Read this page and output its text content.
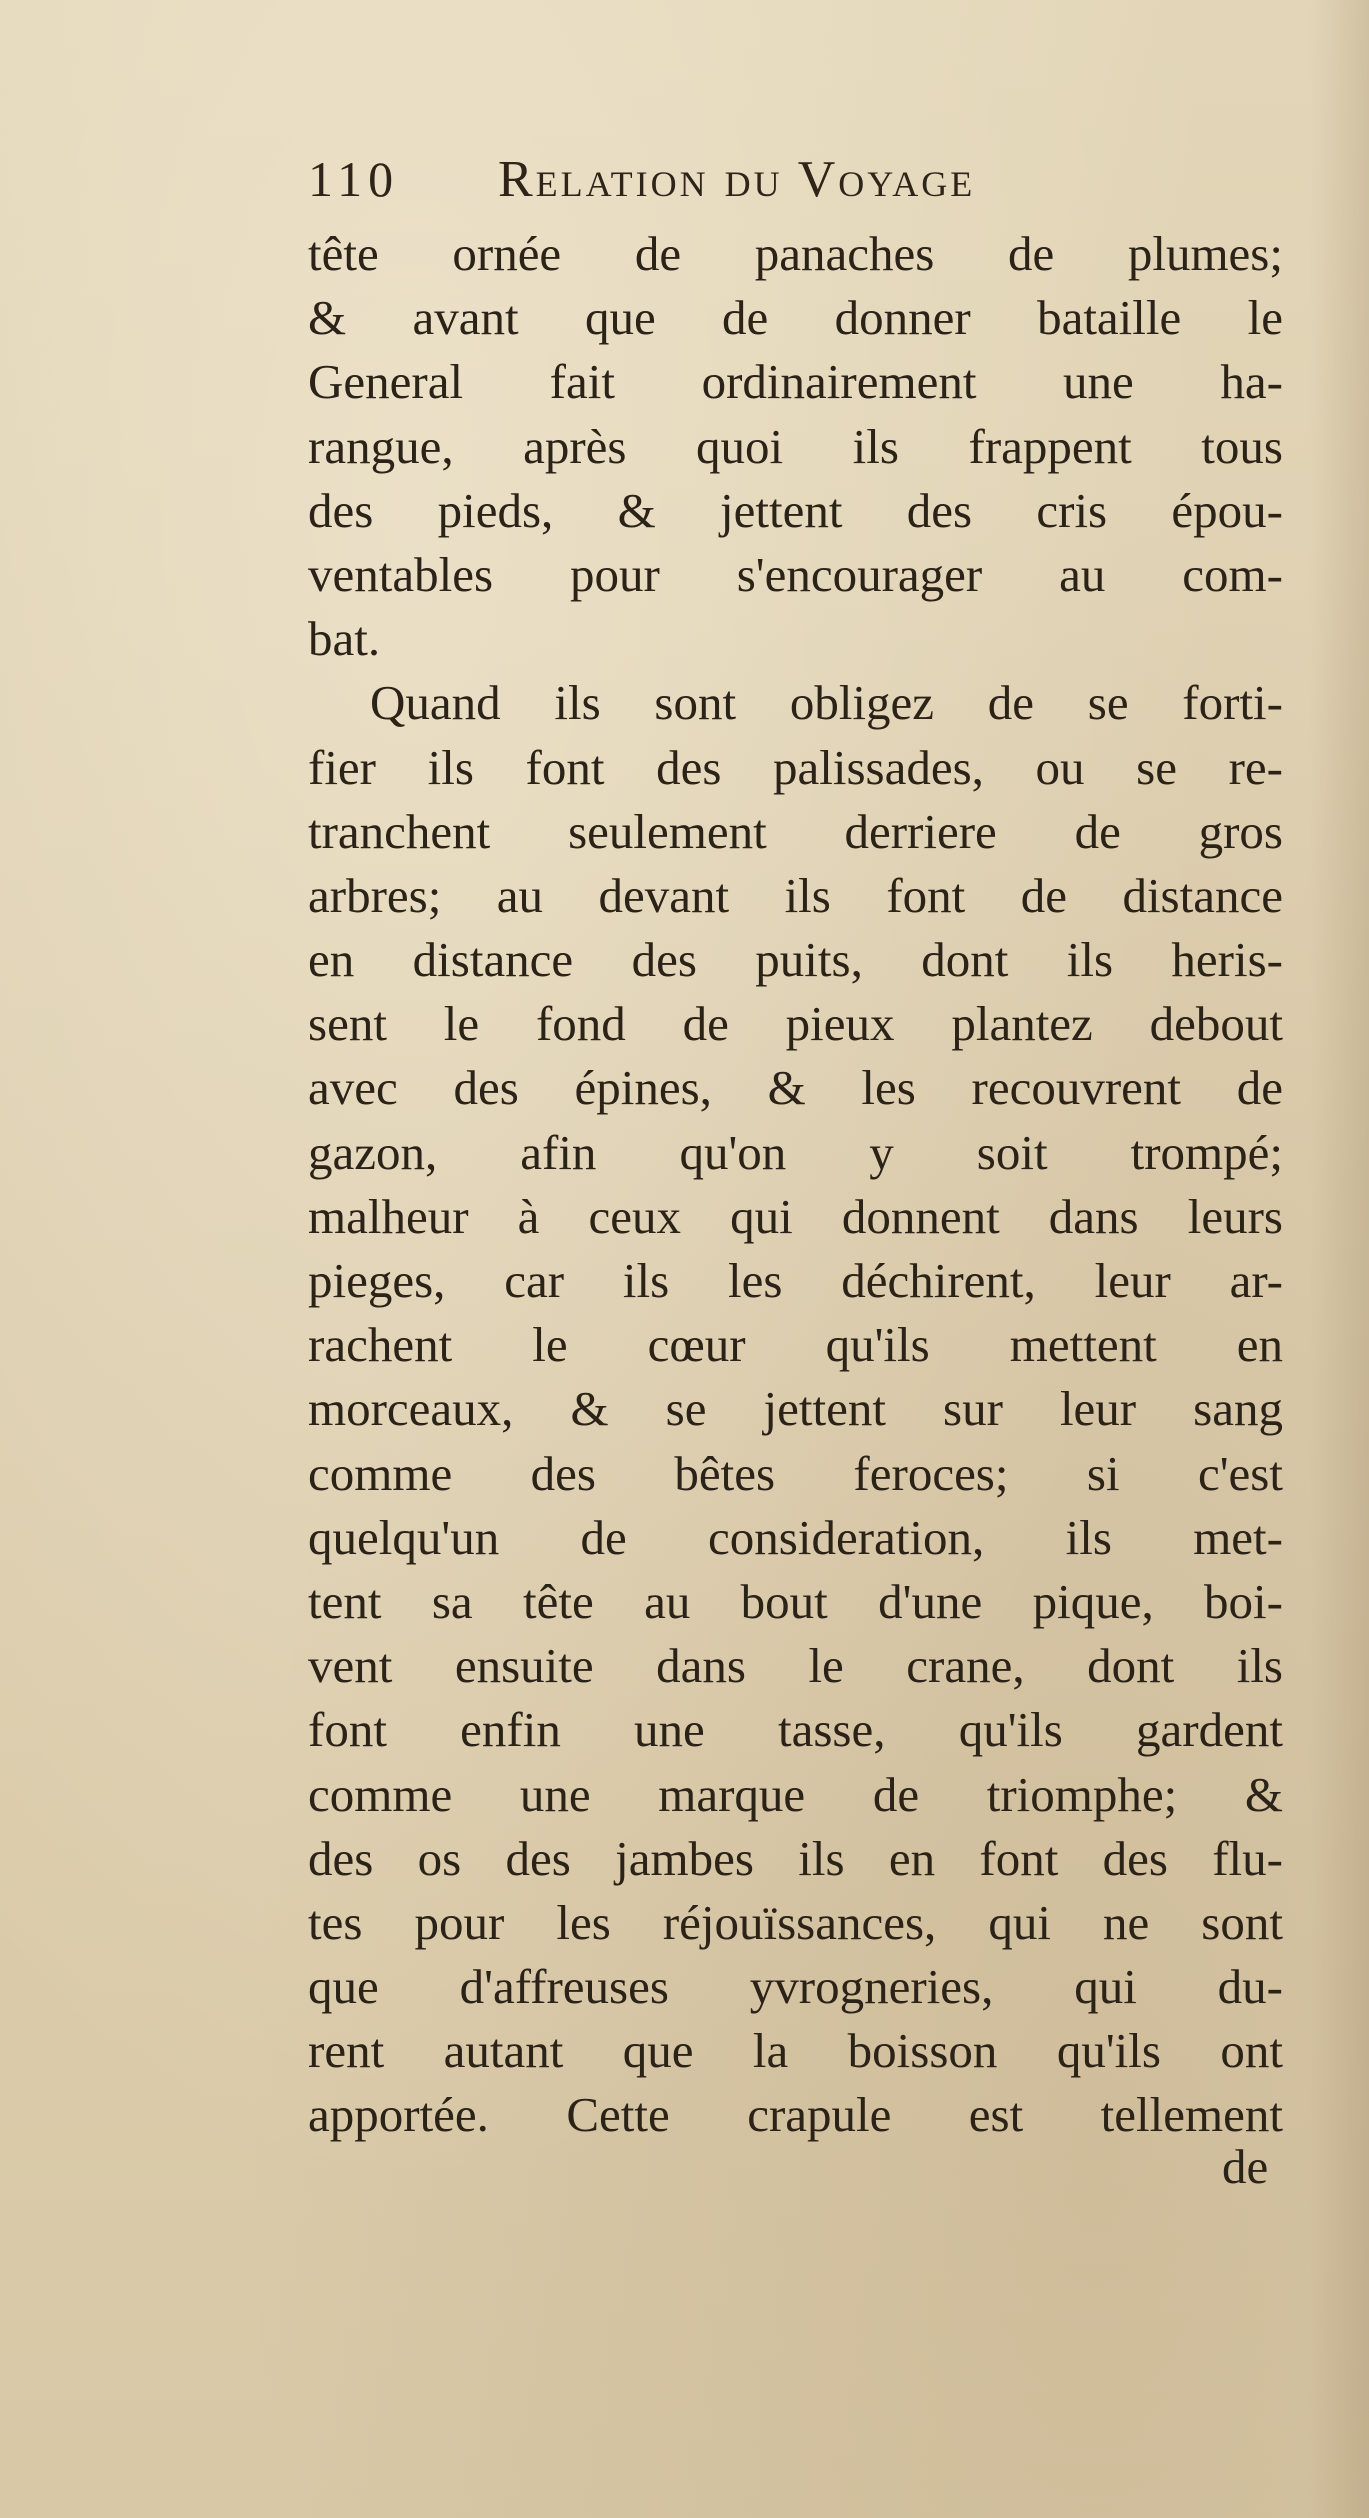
110 Relation du Voyage
tête ornée de panaches de plumes;
& avant que de donner bataille le
General fait ordinairement une ha-
rangue, après quoi ils frappent tous
des pieds, & jettent des cris épou-
ventables pour s'encourager au com-
bat.
Quand ils sont obligez de se forti-
fier ils font des palissades, ou se re-
tranchent seulement derriere de gros
arbres; au devant ils font de distance
en distance des puits, dont ils heris-
sent le fond de pieux plantez debout
avec des épines, & les recouvrent de
gazon, afin qu'on y soit trompé;
malheur à ceux qui donnent dans leurs
pieges, car ils les déchirent, leur ar-
rachent le cœur qu'ils mettent en
morceaux, & se jettent sur leur sang
comme des bêtes feroces; si c'est
quelqu'un de consideration, ils met-
tent sa tête au bout d'une pique, boi-
vent ensuite dans le crane, dont ils
font enfin une tasse, qu'ils gardent
comme une marque de triomphe; &
des os des jambes ils en font des flu-
tes pour les réjouïssances, qui ne sont
que d'affreuses yvrogneries, qui du-
rent autant que la boisson qu'ils ont
apportée. Cette crapule est tellement
de
